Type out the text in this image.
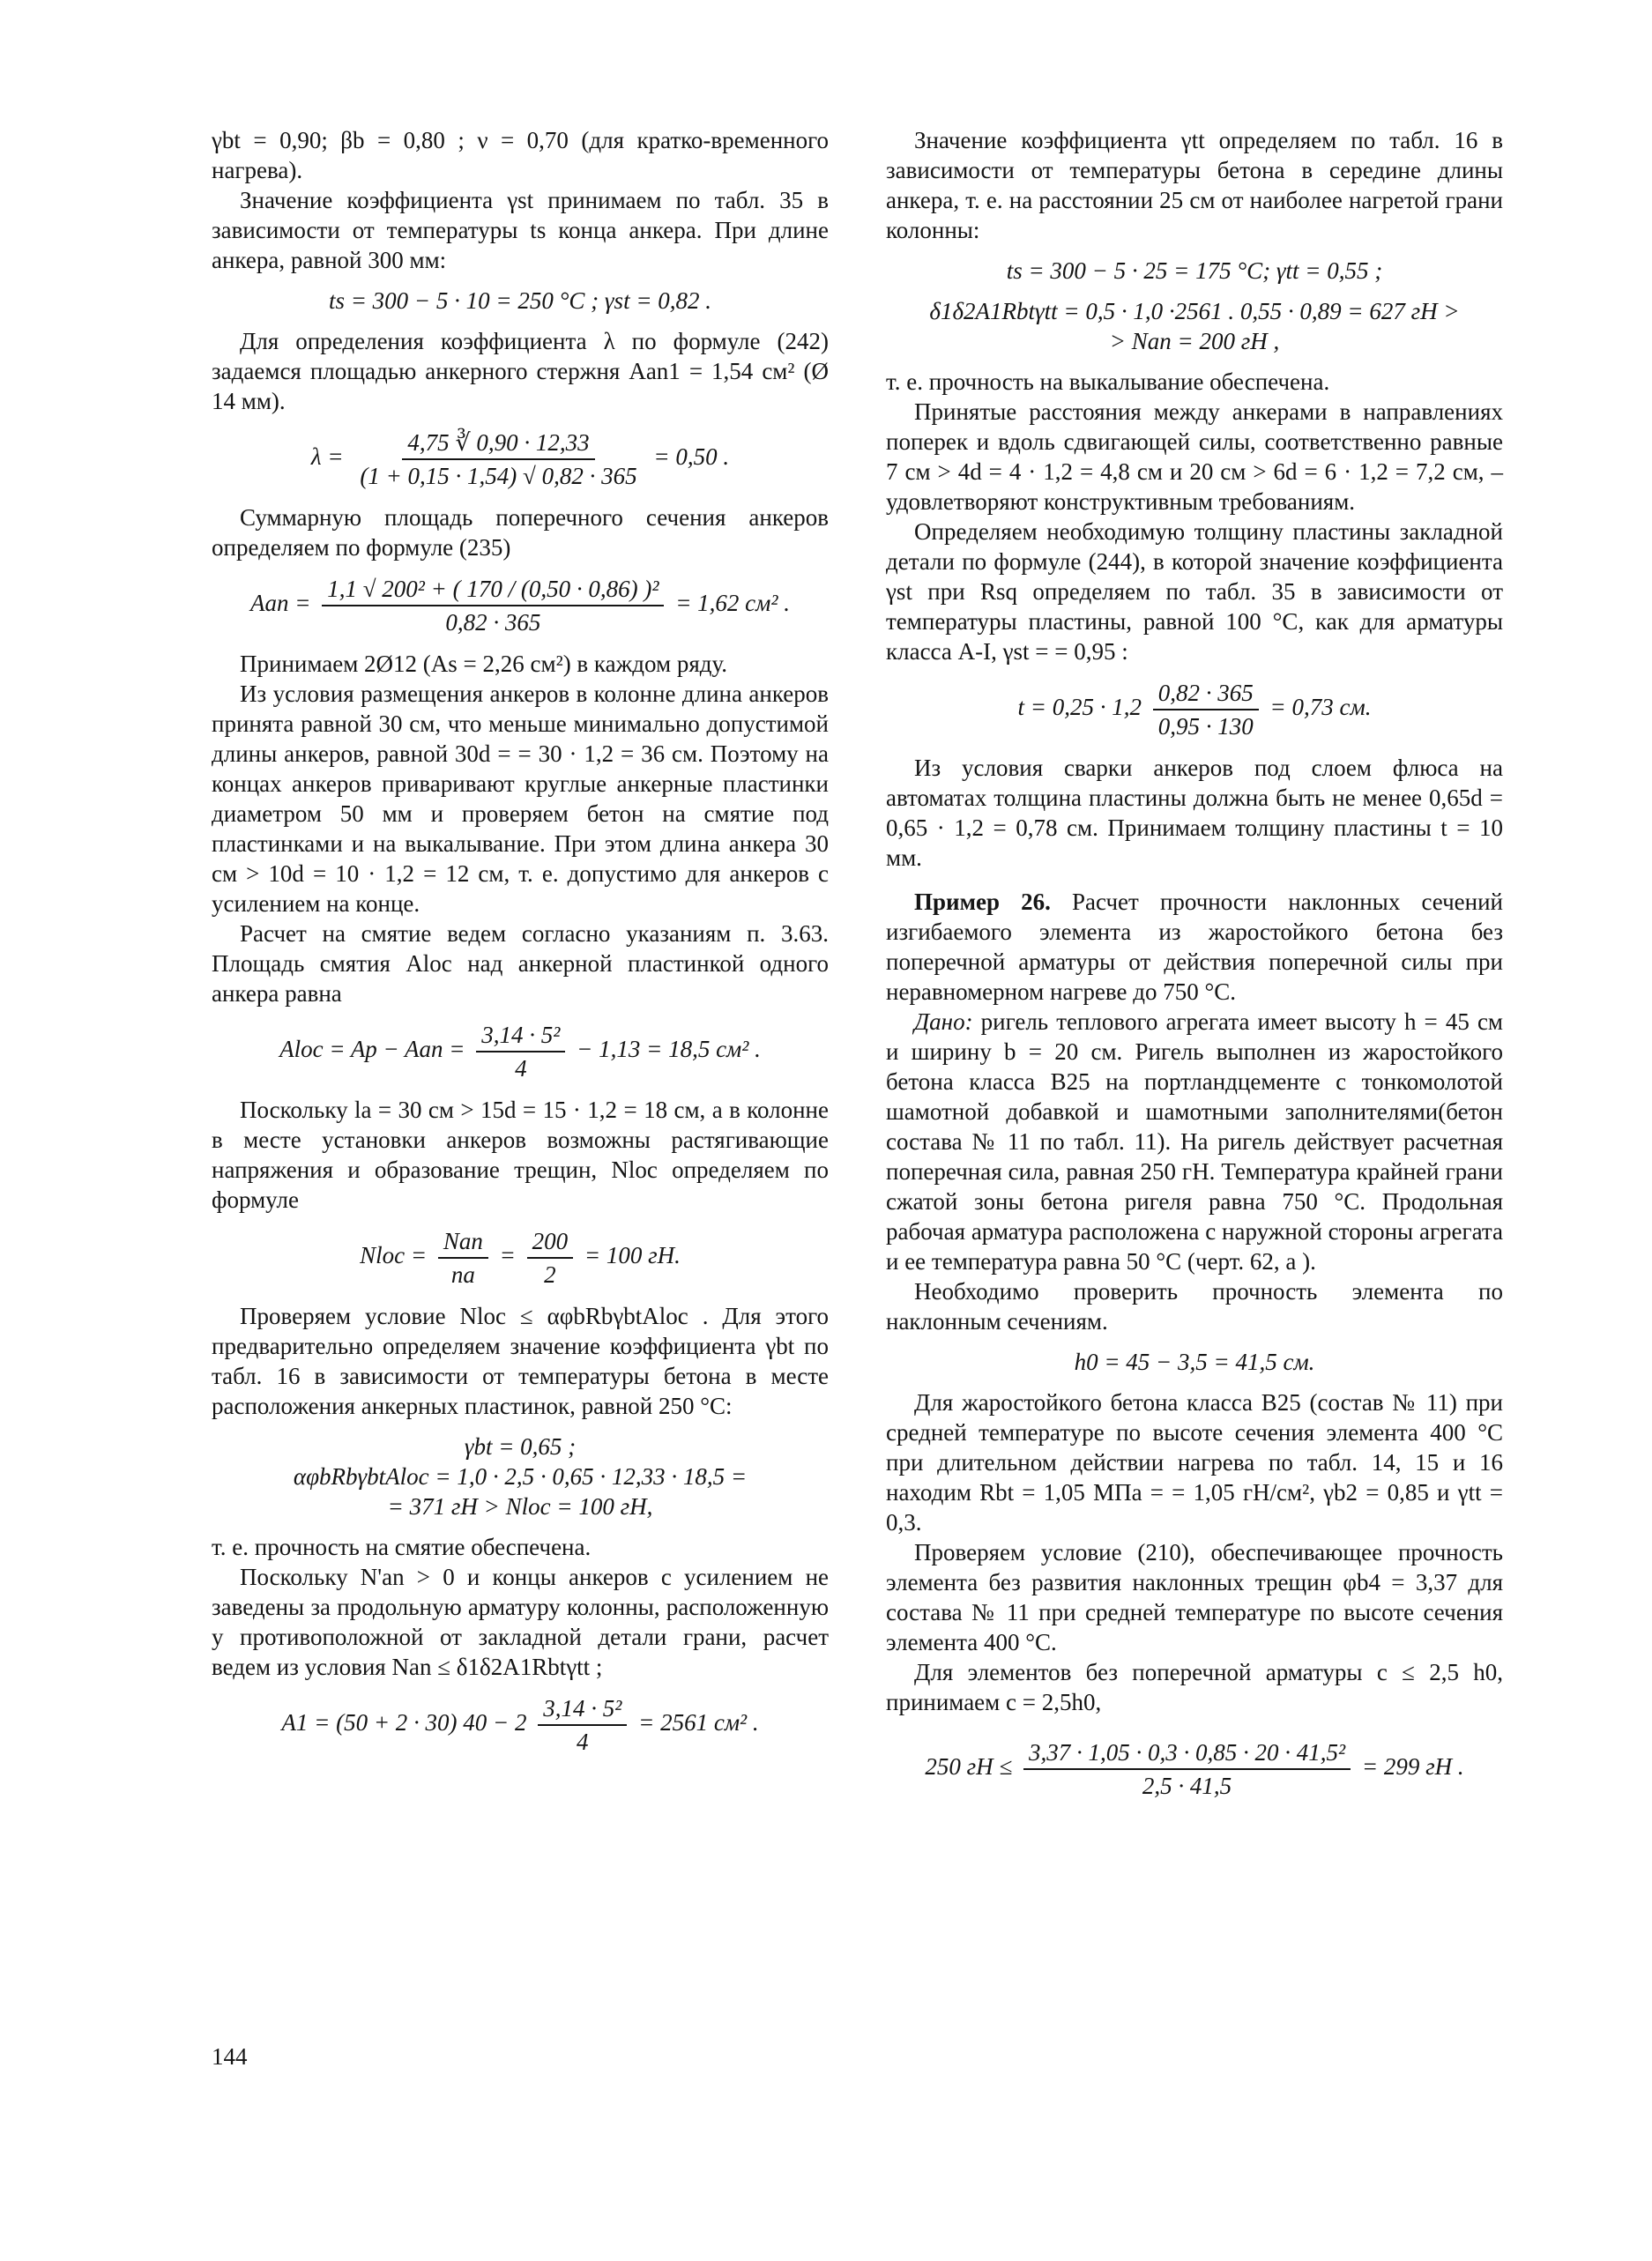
γbt = 0,90; βb = 0,80 ; ν = 0,70 (для кратко-временного нагрева).

Значение коэффициента γst принимаем по табл. 35 в зависимости от температуры ts конца анкера. При длине анкера, равной 300 мм:

ts = 300 − 5 · 10 = 250 °С ; γst = 0,82 .

Для определения коэффициента λ по формуле (242) задаемся площадью анкерного стержня Aan1 = 1,54 см² (Ø 14 мм).

$\lambda = \frac{4,75 ∛ 0,90 \cdot 12,33}{(1 + 0,15 \cdot 1,54) √ 0,82 \cdot 365} = 0,50$ .

Суммарную площадь поперечного сечения анкеров определяем по формуле (235)

Aan = $\frac{\text{1,1 √ 200² + ( 170 / (0,50 · 0,86) )²}}{0,82 \cdot 365} = 1,62$ см² .

Принимаем 2Ø12 (As = 2,26 см²) в каждом ряду.

Из условия размещения анкеров в колонне длина анкеров принята равной 30 см, что меньше минимально допустимой длины анкеров, равной 30d = = 30 · 1,2 = 36 см. Поэтому на концах анкеров приваривают круглые анкерные пластинки диаметром 50 мм и проверяем бетон на смятие под пластинками и на выкалывание. При этом длина анкера 30 см > 10d = 10 · 1,2 = 12 см, т. е. допустимо для анкеров с усилением на конце.

Расчет на смятие ведем согласно указаниям п. 3.63. Площадь смятия Aloc над анкерной пластинкой одного анкера равна

Aloc = Ap − Aan = $\frac{\text{3,14 · 5²}}{4} - 1,13 = 18,5$ см² .

Поскольку la = 30 см > 15d = 15 · 1,2 = 18 см, а в колонне в месте установки анкеров возможны растягивающие напряжения и образование трещин, Nloc определяем по формуле

Nloc = $\frac{\text{Nan}}{na} = \frac{200}{2} = 100$ гН.

Проверяем условие Nloc ≤ αφbRbγbtAloc . Для этого предварительно определяем значение коэффициента γbt по табл. 16 в зависимости от температуры бетона в месте расположения анкерных пластинок, равной 250 °С:

γbt = 0,65 ;
αφbRbγbtAloc = 1,0 · 2,5 · 0,65 · 12,33 · 18,5 =
= 371 гН > Nloc = 100 гН,

т. е. прочность на смятие обеспечена.

Поскольку N'an > 0 и концы анкеров с усилением не заведены за продольную арматуру колонны, расположенную у противоположной от закладной детали грани, расчет ведем из условия Nan ≤ δ1δ2A1Rbtγtt ;

A1 = (50 + 2 · 30) $40 - 2 \frac{\text{3,14 · 5²}}{4} = 2561$ см² .

Значение коэффициента γtt определяем по табл. 16 в зависимости от температуры бетона в середине длины анкера, т. е. на расстоянии 25 см от наиболее нагретой грани колонны:

ts = 300 − 5 · 25 = 175 °С; γtt = 0,55 ;
δ1δ2A1Rbtγtt = 0,5 · 1,0 ·2561 . 0,55 · 0,89 = 627 гН >
> Nan = 200 гН ,

т. е. прочность на выкалывание обеспечена.

Принятые расстояния между анкерами в направлениях поперек и вдоль сдвигающей силы, соответственно равные 7 см > 4d = 4 · 1,2 = 4,8 см и 20 см > 6d = 6 · 1,2 = 7,2 см, – удовлетворяют конструктивным требованиям.

Определяем необходимую толщину пластины закладной детали по формуле (244), в которой значение коэффициента γst при Rsq определяем по табл. 35 в зависимости от температуры пластины, равной 100 °С, как для арматуры класса А-I, γst = = 0,95 :

$t = 0,25 \cdot 1,2 \frac{0,82 \cdot 365}{0,95 \cdot 130} = 0,73$ см.

Из условия сварки анкеров под слоем флюса на автоматах толщина пластины должна быть не менее 0,65d = 0,65 · 1,2 = 0,78 см. Принимаем толщину пластины t = 10 мм.

Пример 26. Расчет прочности наклонных сечений изгибаемого элемента из жаростойкого бетона без поперечной арматуры от действия поперечной силы при неравномерном нагреве до 750 °С.

Дано: ригель теплового агрегата имеет высоту h = 45 см и ширину b = 20 см. Ригель выполнен из жаростойкого бетона класса В25 на портландцементе с тонкомолотой шамотной добавкой и шамотными заполнителями(бетон состава № 11 по табл. 11). На ригель действует расчетная поперечная сила, равная 250 гН. Температура крайней грани сжатой зоны бетона ригеля равна 750 °С. Продольная рабочая арматура расположена с наружной стороны агрегата и ее температура равна 50 °С (черт. 62, а ).

Необходимо проверить прочность элемента по наклонным сечениям.

h0 = 45 − 3,5 = 41,5 см.

Для жаростойкого бетона класса В25 (состав № 11) при средней температуре по высоте сечения элемента 400 °С при длительном действии нагрева по табл. 14, 15 и 16 находим Rbt = 1,05 МПа = = 1,05 гН/см², γb2 = 0,85 и γtt = 0,3.

Проверяем условие (210), обеспечивающее прочность элемента без развития наклонных трещин φb4 = 3,37 для состава № 11 при средней температуре по высоте сечения элемента 400 °С.

Для элементов без поперечной арматуры c ≤ 2,5 h0, принимаем c = 2,5h0,

250 гН ≤ $\frac{\text{3,37 · 1,05 · 0,3 · 0,85 · 20 · 41,5²}}{2,5 \cdot 41,5} = 299$ гН .
144
